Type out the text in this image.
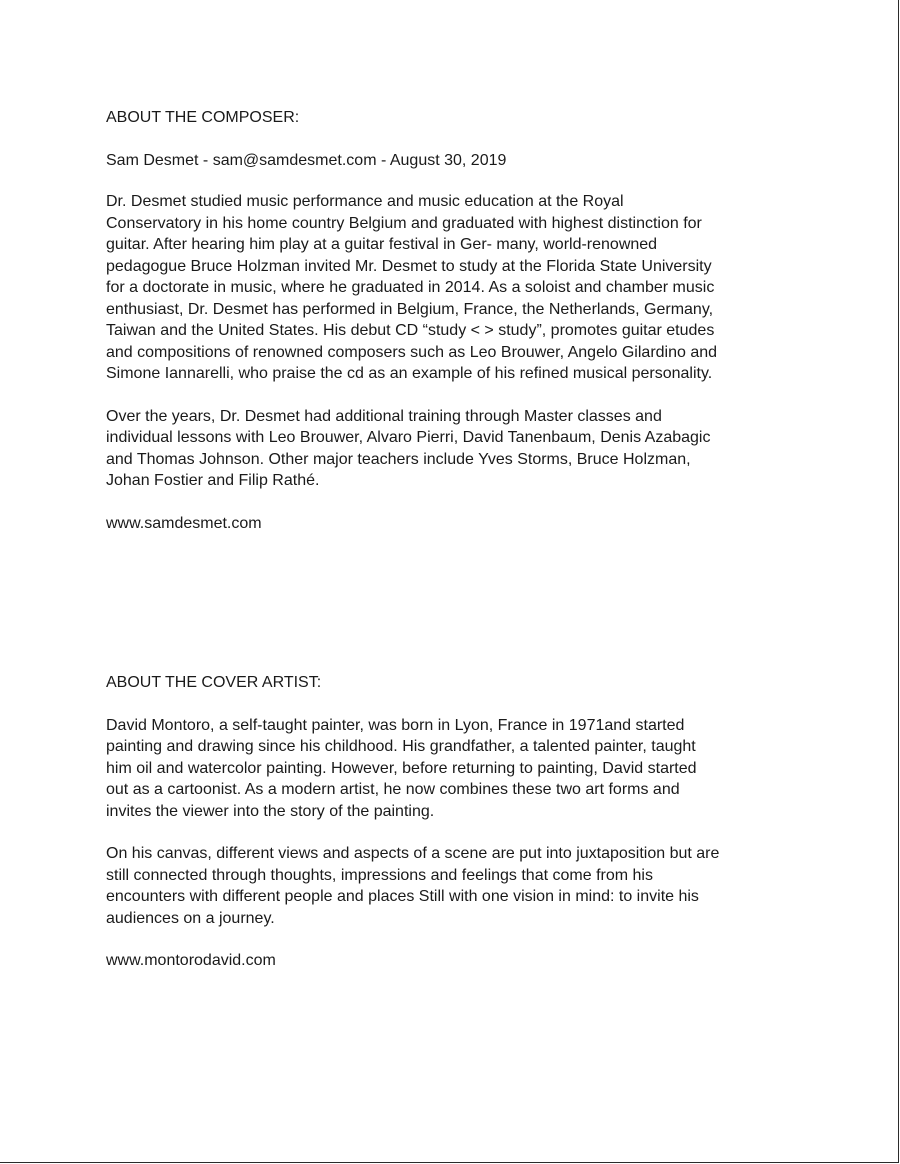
ABOUT THE COMPOSER:

Sam Desmet - sam@samdesmet.com - August 30, 2019

Dr. Desmet studied music performance and music education at the Royal
Conservatory in his home country Belgium and graduated with highest distinction for
guitar. After hearing him play at a guitar festival in Ger- many, world-renowned
pedagogue Bruce Holzman invited Mr. Desmet to study at the Florida State University
for a doctorate in music, where he graduated in 2014. As a soloist and chamber music
enthusiast, Dr. Desmet has performed in Belgium, France, the Netherlands, Germany,
Taiwan and the United States. His debut CD “study < > study”, promotes guitar etudes
and compositions of renowned composers such as Leo Brouwer, Angelo Gilardino and
Simone Iannarelli, who praise the cd as an example of his refined musical personality.

Over the years, Dr. Desmet had additional training through Master classes and
individual lessons with Leo Brouwer, Alvaro Pierri, David Tanenbaum, Denis Azabagic
and Thomas Johnson. Other major teachers include Yves Storms, Bruce Holzman,
Johan Fostier and Filip Rathé.

www.samdesmet.com

ABOUT THE COVER ARTIST:

David Montoro, a self-taught painter, was born in Lyon, France in 1971and started
painting and drawing since his childhood. His grandfather, a talented painter, taught
him oil and watercolor painting. However, before returning to painting, David started
out as a cartoonist. As a modern artist, he now combines these two art forms and
invites the viewer into the story of the painting.

On his canvas, different views and aspects of a scene are put into juxtaposition but are
still connected through thoughts, impressions and feelings that come from his
encounters with different people and places Still with one vision in mind: to invite his
audiences on a journey.

www.montorodavid.com
